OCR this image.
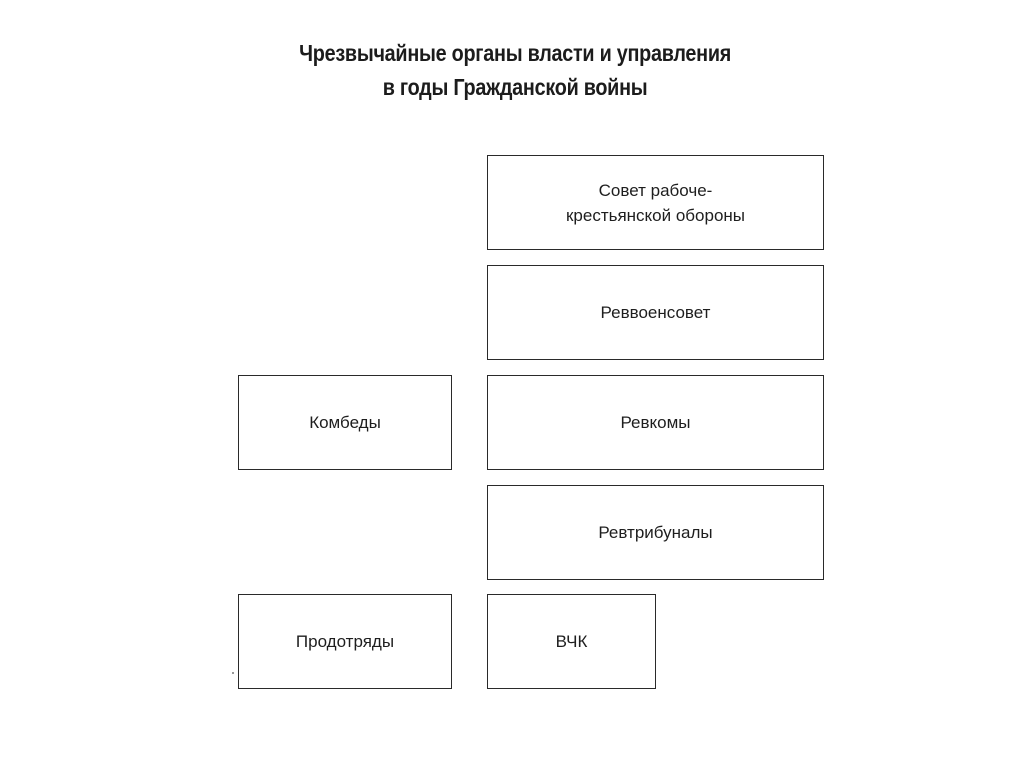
Чрезвычайные органы власти и управления
в годы Гражданской войны
Совет рабоче-
крестьянской обороны
Реввоенсовет
Ревкомы
Ревтрибуналы
ВЧК
Комбеды
Продотряды
